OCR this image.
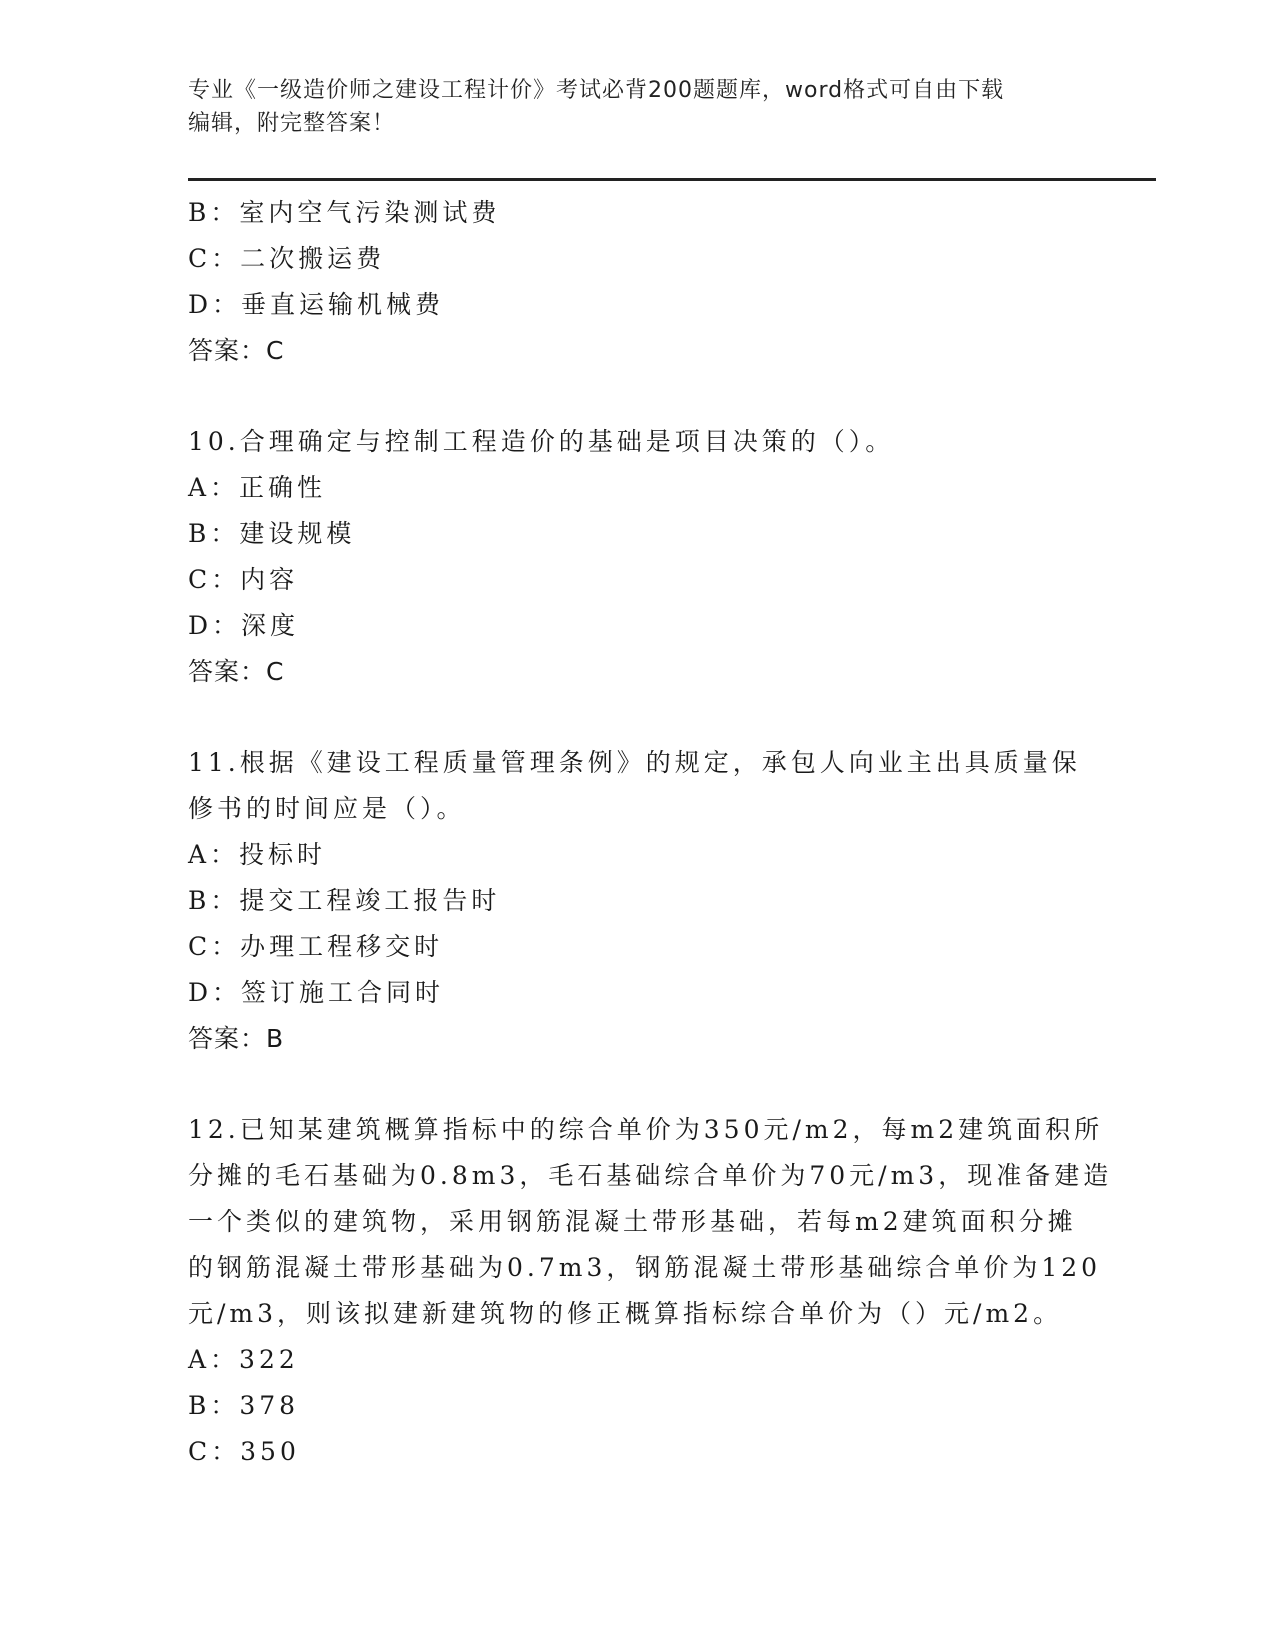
专业《一级造价师之建设工程计价》考试必背200题题库，word格式可自由下载
编辑，附完整答案！
B：室内空气污染测试费
C：二次搬运费
D：垂直运输机械费
答案：C
10.合理确定与控制工程造价的基础是项目决策的（）。
A：正确性
B：建设规模
C：内容
D：深度
答案：C
11.根据《建设工程质量管理条例》的规定，承包人向业主出具质量保
修书的时间应是（）。
A：投标时
B：提交工程竣工报告时
C：办理工程移交时
D：签订施工合同时
答案：B
12.已知某建筑概算指标中的综合单价为350元/m2，每m2建筑面积所
分摊的毛石基础为0.8m3，毛石基础综合单价为70元/m3，现准备建造
一个类似的建筑物，采用钢筋混凝土带形基础，若每m2建筑面积分摊
的钢筋混凝土带形基础为0.7m3，钢筋混凝土带形基础综合单价为120
元/m3，则该拟建新建筑物的修正概算指标综合单价为（）元/m2。
A：322
B：378
C：350
